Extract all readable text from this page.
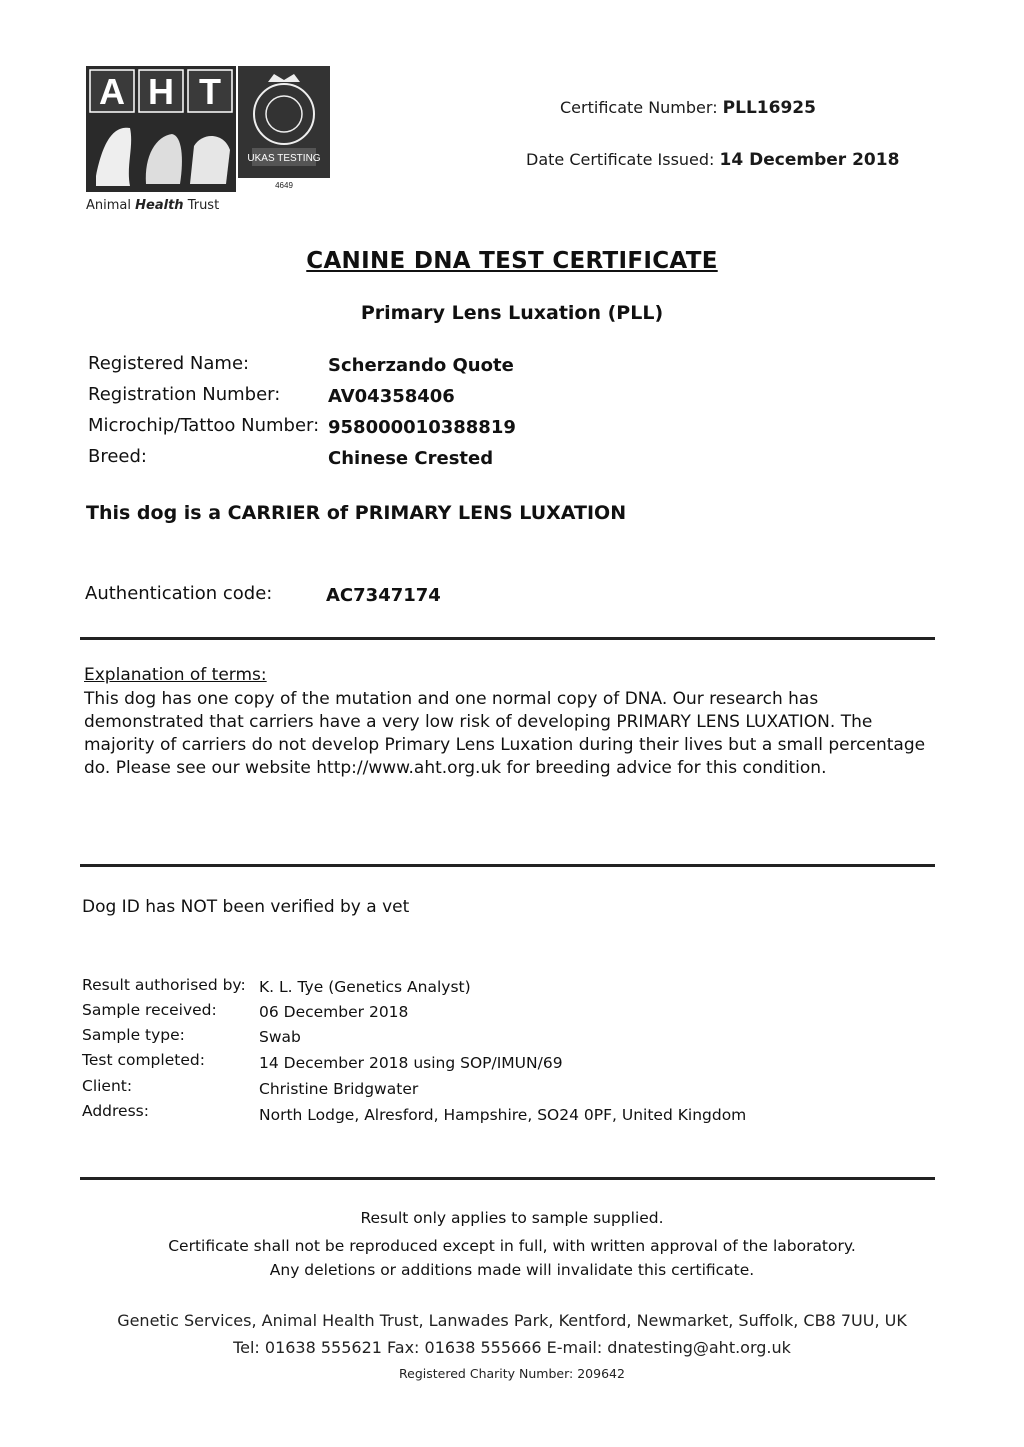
A H T
UKAS TESTING
4649
Animal Health Trust
Certificate Number: PLL16925
Date Certificate Issued: 14 December 2018
CANINE DNA TEST CERTIFICATE
Primary Lens Luxation (PLL)
Registered Name:	Scherzando Quote
Registration Number:	AV04358406
Microchip/Tattoo Number: 958000010388819
Breed:	Chinese Crested
This dog is a CARRIER of PRIMARY LENS LUXATION
Authentication code:	AC7347174
Explanation of terms:
This dog has one copy of the mutation and one normal copy of DNA. Our research has demonstrated that carriers have a very low risk of developing PRIMARY LENS LUXATION. The majority of carriers do not develop Primary Lens Luxation during their lives but a small percentage do. Please see our website http://www.aht.org.uk for breeding advice for this condition.
Dog ID has NOT been verified by a vet
Result authorised by: K. L. Tye (Genetics Analyst)
Sample received:	06 December 2018
Sample type:	Swab
Test completed:	14 December 2018 using SOP/IMUN/69
Client:	Christine Bridgwater
Address:	North Lodge, Alresford, Hampshire, SO24 0PF, United Kingdom
Result only applies to sample supplied.
Certificate shall not be reproduced except in full, with written approval of the laboratory.
Any deletions or additions made will invalidate this certificate.
Genetic Services, Animal Health Trust, Lanwades Park, Kentford, Newmarket, Suffolk, CB8 7UU, UK
Tel: 01638 555621 Fax: 01638 555666 E-mail: dnatesting@aht.org.uk
Registered Charity Number: 209642
